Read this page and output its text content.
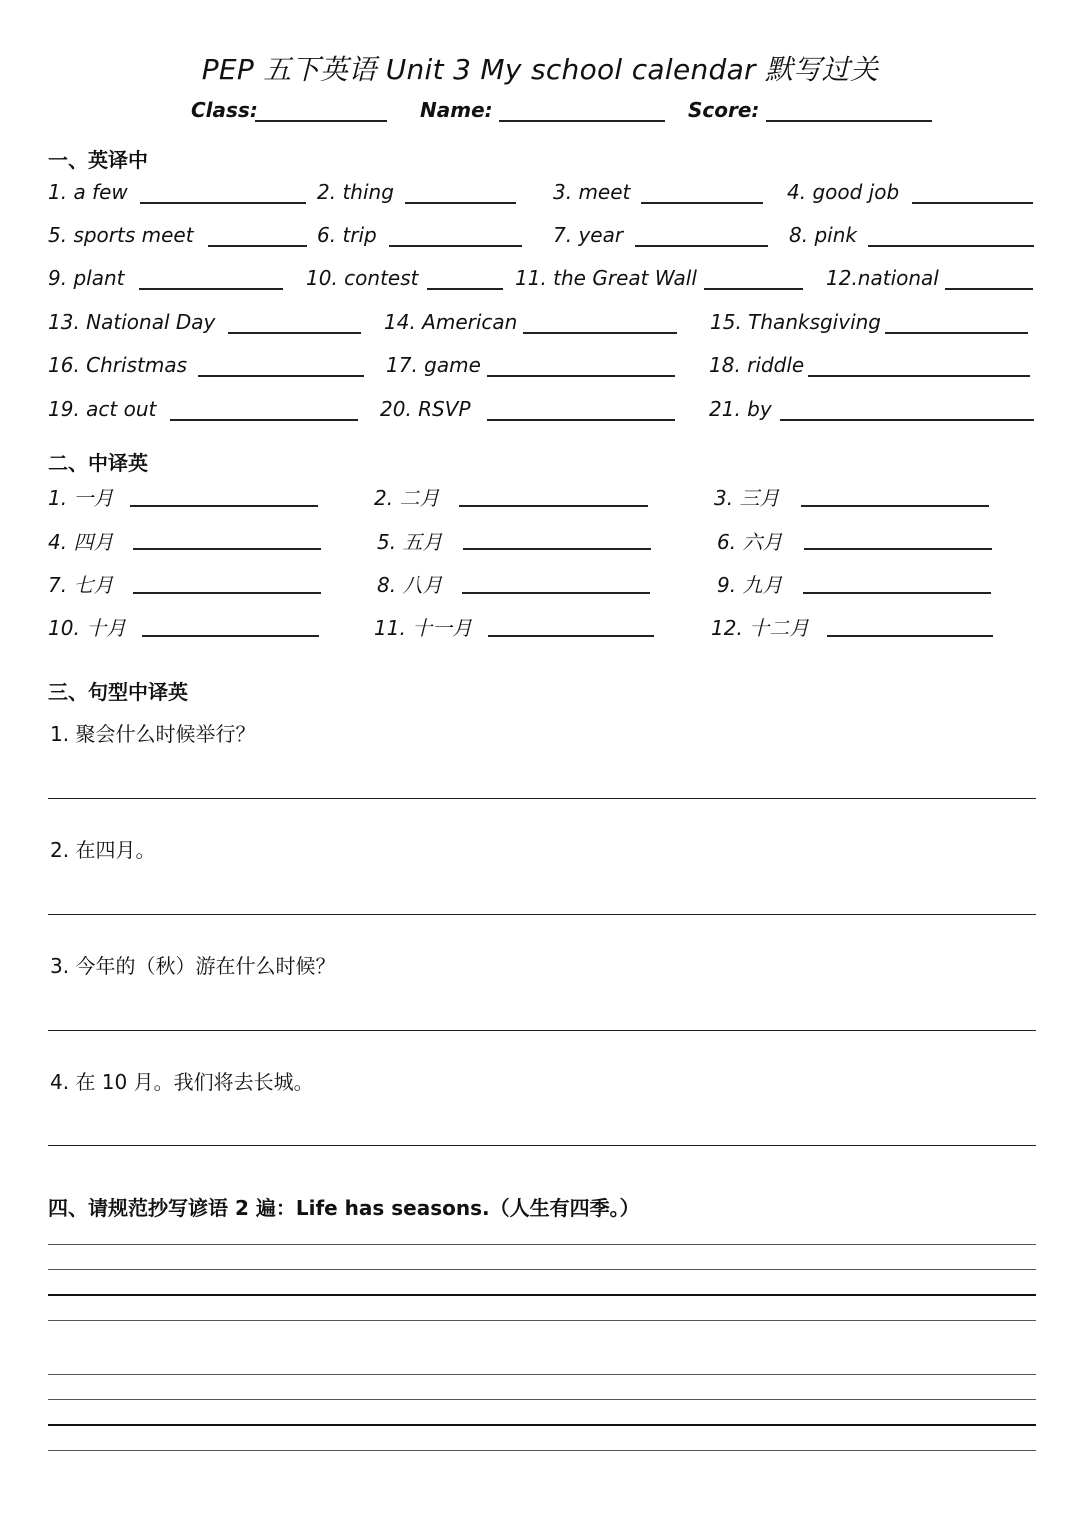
PEP 五下英语 Unit 3 My school calendar 默写过关
Class:	Name:	Score:
一、英译中
1. a few	2. thing	3. meet	4. good job
5. sports meet	6. trip	7. year	8. pink
9. plant	10. contest	11. the Great Wall	12.national
13. National Day	14. American	15. Thanksgiving
16. Christmas	17. game	18. riddle
19. act out	20. RSVP	21. by
二、中译英
1. 一月	2. 二月	3. 三月
4. 四月	5. 五月	6. 六月
7. 七月	8. 八月	9. 九月
10. 十月	11. 十一月	12. 十二月
三、句型中译英
1. 聚会什么时候举行？
2. 在四月。
3. 今年的（秋）游在什么时候？
4. 在 10 月。我们将去长城。
四、请规范抄写谚语 2 遍：Life has seasons.（人生有四季。）
